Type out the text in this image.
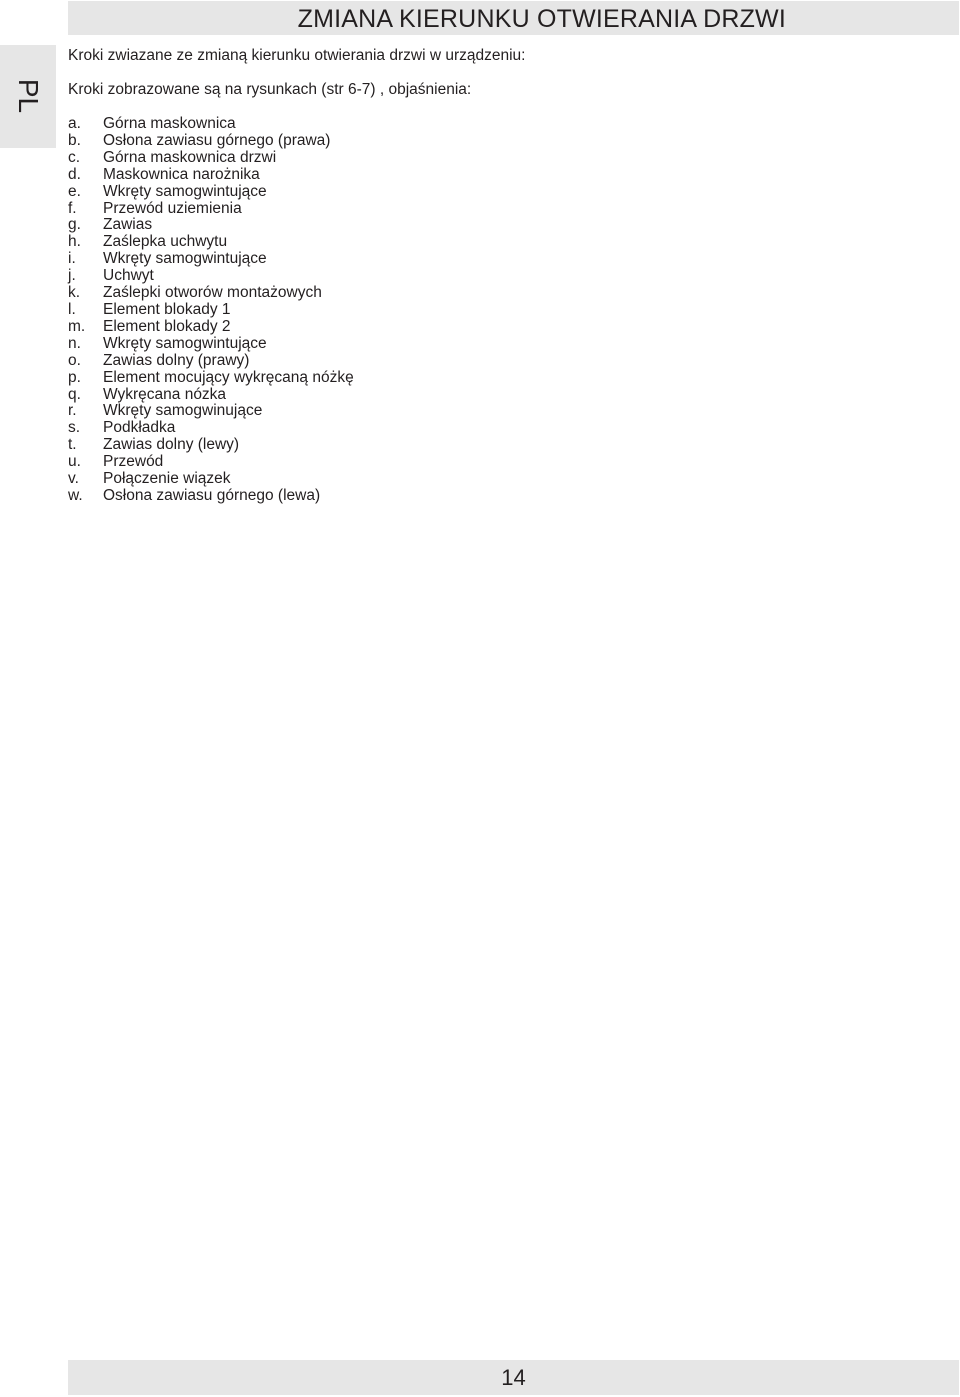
ZMIANA KIERUNKU OTWIERANIA DRZWI
PL
Kroki zwiazane ze zmianą kierunku otwierania drzwi w urządzeniu:
Kroki zobrazowane są na rysunkach (str 6-7) , objaśnienia:
a.	Górna maskownica
b.	Osłona zawiasu górnego (prawa)
c.	Górna maskownica drzwi
d.	Maskownica narożnika
e.	Wkręty samogwintujące
f.	Przewód uziemienia
g.	Zawias
h.	Zaślepka uchwytu
i.	Wkręty samogwintujące
j.	Uchwyt
k.	Zaślepki otworów montażowych
l.	Element blokady 1
m.	Element blokady 2
n.	Wkręty samogwintujące
o.	Zawias dolny (prawy)
p.	Element mocujący wykręcaną nóżkę
q.	Wykręcana nózka
r.	Wkręty samogwinujące
s.	Podkładka
t.	Zawias dolny (lewy)
u.	Przewód
v.	Połączenie wiązek
w.	Osłona zawiasu górnego (lewa)
14
